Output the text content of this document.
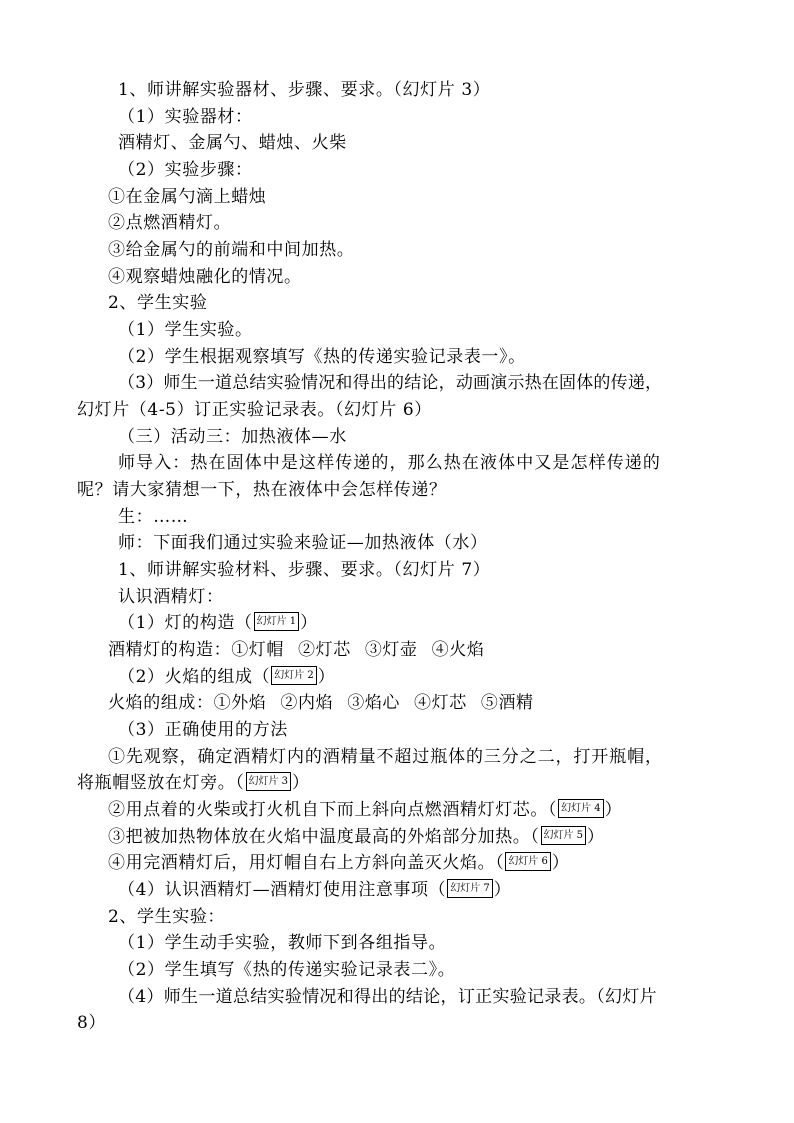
1、师讲解实验器材、步骤、要求。（幻灯片 3）
（1）实验器材：
酒精灯、金属勺、蜡烛、火柴
（2）实验步骤：
①在金属勺滴上蜡烛
②点燃酒精灯。
③给金属勺的前端和中间加热。
④观察蜡烛融化的情况。
2、学生实验
（1）学生实验。
（2）学生根据观察填写《热的传递实验记录表一》。
（3）师生一道总结实验情况和得出的结论，动画演示热在固体的传递，
幻灯片（4-5）订正实验记录表。（幻灯片 6）
（三）活动三：加热液体—水
师导入：热在固体中是这样传递的，那么热在液体中又是怎样传递的
呢？请大家猜想一下，热在液体中会怎样传递？
生：……
师：下面我们通过实验来验证—加热液体（水）
1、师讲解实验材料、步骤、要求。（幻灯片 7）
认识酒精灯：
（1）灯的构造（ 幻灯片 1 ）
酒精灯的构造：①灯帽 ②灯芯 ③灯壶 ④火焰
（2）火焰的组成（ 幻灯片 2 ）
火焰的组成：①外焰 ②内焰 ③焰心 ④灯芯 ⑤酒精
（3）正确使用的方法
①先观察，确定酒精灯内的酒精量不超过瓶体的三分之二，打开瓶帽，
将瓶帽竖放在灯旁。（ 幻灯片 3 ）
②用点着的火柴或打火机自下而上斜向点燃酒精灯灯芯。（ 幻灯片 4 ）
③把被加热物体放在火焰中温度最高的外焰部分加热。（ 幻灯片 5 ）
④用完酒精灯后，用灯帽自右上方斜向盖灭火焰。（ 幻灯片 6 ）
（4）认识酒精灯—酒精灯使用注意事项（ 幻灯片 7 ）
2、学生实验：
（1）学生动手实验，教师下到各组指导。
（2）学生填写《热的传递实验记录表二》。
（4）师生一道总结实验情况和得出的结论，订正实验记录表。（幻灯片
8）
